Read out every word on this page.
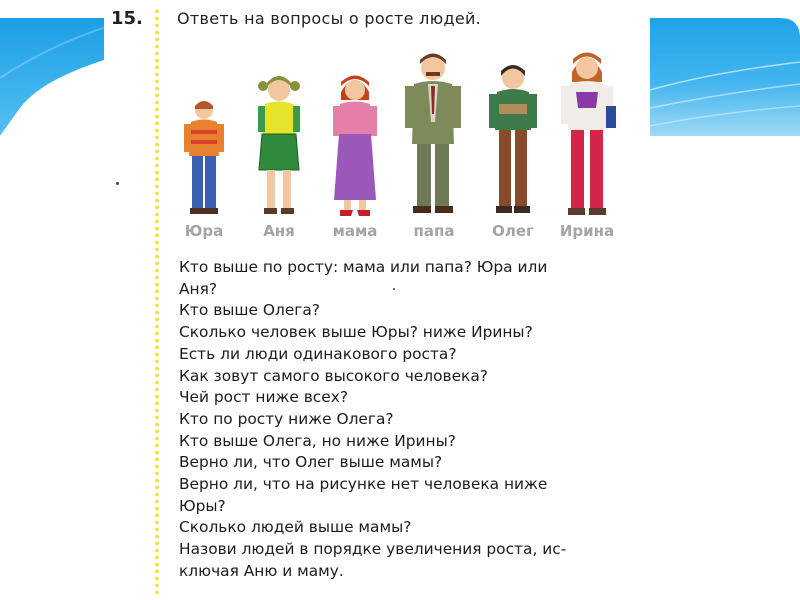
15. Ответь на вопросы о росте людей.
Юра	Аня	мама папа	Олег Ирина
Кто выше по росту: мама или папа? Юра или
Аня?
Кто выше Олега?
Сколько человек выше Юры? ниже Ирины?
Есть ли люди одинакового роста?
Как зовут самого высокого человека?
Чей рост ниже всех?
Кто по росту ниже Олега?
Кто выше Олега, но ниже Ирины?
Верно ли, что Олег выше мамы?
Верно ли, что на рисунке нет человека ниже
Юры?
Сколько людей выше мамы?
Назови людей в порядке увеличения роста, ис-
ключая Аню и маму.
